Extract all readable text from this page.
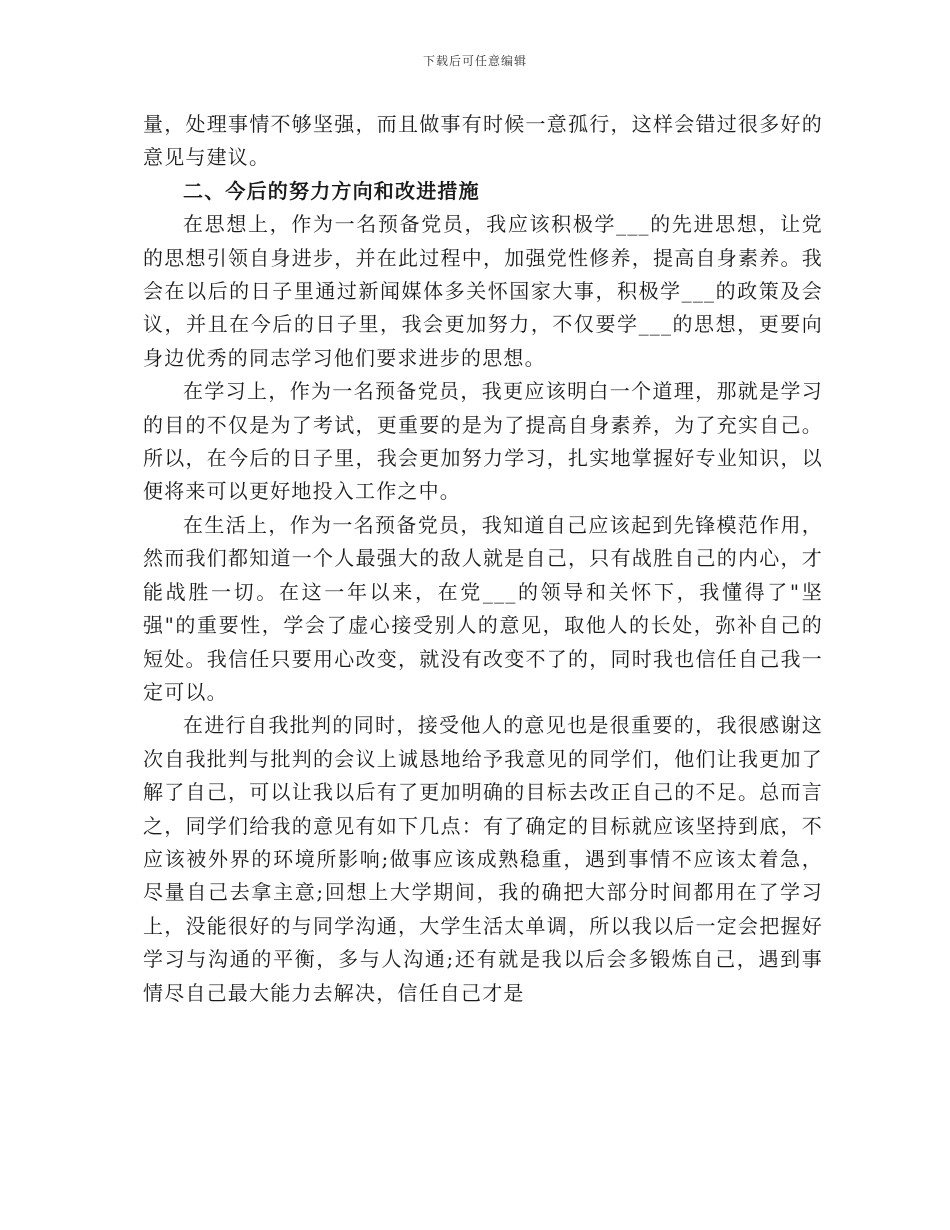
下载后可任意编辑

量，处理事情不够坚强，而且做事有时候一意孤行，这样会错过很多好的意见与建议。

二、今后的努力方向和改进措施

在思想上，作为一名预备党员，我应该积极学___的先进思想，让党的思想引领自身进步，并在此过程中，加强党性修养，提高自身素养。我会在以后的日子里通过新闻媒体多关怀国家大事，积极学___的政策及会议，并且在今后的日子里，我会更加努力，不仅要学___的思想，更要向身边优秀的同志学习他们要求进步的思想。

在学习上，作为一名预备党员，我更应该明白一个道理，那就是学习的目的不仅是为了考试，更重要的是为了提高自身素养，为了充实自己。所以，在今后的日子里，我会更加努力学习，扎实地掌握好专业知识，以便将来可以更好地投入工作之中。

在生活上，作为一名预备党员，我知道自己应该起到先锋模范作用，然而我们都知道一个人最强大的敌人就是自己，只有战胜自己的内心，才能战胜一切。在这一年以来，在党___的领导和关怀下，我懂得了"坚强"的重要性，学会了虚心接受别人的意见，取他人的长处，弥补自己的短处。我信任只要用心改变，就没有改变不了的，同时我也信任自己我一定可以。

在进行自我批判的同时，接受他人的意见也是很重要的，我很感谢这次自我批判与批判的会议上诚恳地给予我意见的同学们，他们让我更加了解了自己，可以让我以后有了更加明确的目标去改正自己的不足。总而言之，同学们给我的意见有如下几点：有了确定的目标就应该坚持到底，不应该被外界的环境所影响;做事应该成熟稳重，遇到事情不应该太着急，尽量自己去拿主意;回想上大学期间，我的确把大部分时间都用在了学习上，没能很好的与同学沟通，大学生活太单调，所以我以后一定会把握好学习与沟通的平衡，多与人沟通;还有就是我以后会多锻炼自己，遇到事情尽自己最大能力去解决，信任自己才是
